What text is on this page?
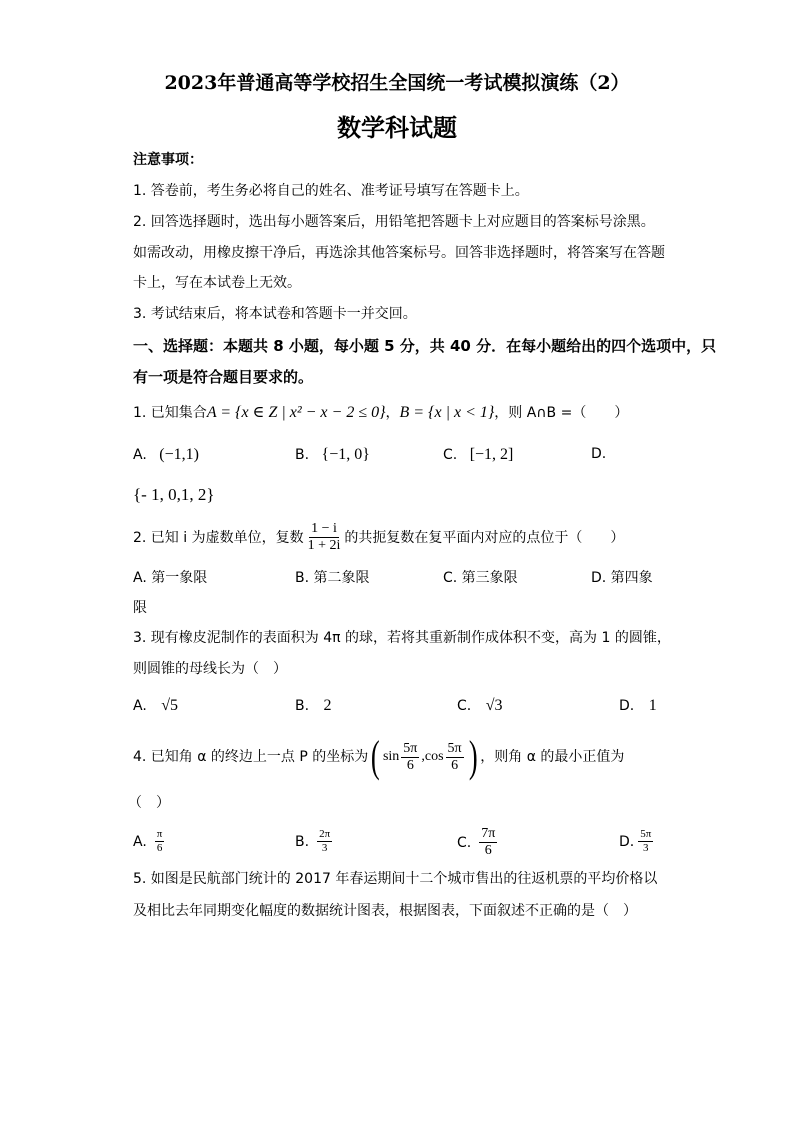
2023年普通高等学校招生全国统一考试模拟演练（2）
数学科试题
注意事项：
1. 答卷前，考生务必将自己的姓名、准考证号填写在答题卡上。
2. 回答选择题时，选出每小题答案后，用铅笔把答题卡上对应题目的答案标号涂黑。
如需改动，用橡皮擦干净后，再选涂其他答案标号。回答非选择题时，将答案写在答题
卡上，写在本试卷上无效。
3. 考试结束后，将本试卷和答题卡一并交回。
一、选择题：本题共 8 小题，每小题 5 分，共 40 分．在每小题给出的四个选项中，只
有一项是符合题目要求的。
1. 已知集合A = {x ∈ Z | x² − x − 2 ≤ 0}，B = {x | x < 1}，则 A∩B =（　　）
A. (−1,1)	B. {−1, 0}	C. [−1, 2]	D.
{- 1, 0,1, 2}
2. 已知 i 为虚数单位，复数 $\frac{1 - i}{1 + 2i}$ 的共扼复数在复平面内对应的点位于（　　）
A. 第一象限	B. 第二象限	C. 第三象限	D. 第四象
限
3. 现有橡皮泥制作的表面积为 4π 的球，若将其重新制作成体积不变，高为 1 的圆锥，
则圆锥的母线长为（　）
A. √5	B. 2	C. √3	D. 1
4. 已知角 α 的终边上一点 P 的坐标为 ( $\sin \frac{5\pi}{6}$ , $\cos \frac{5\pi}{6}$ ) ，则角 α 的最小正值为
（　）
A. $\frac{\pi}{6}$	B. $\frac{2\pi}{3}$	C. $\frac{7\pi}{6}$	D. $\frac{5\pi}{3}$
5. 如图是民航部门统计的 2017 年春运期间十二个城市售出的往返机票的平均价格以
及相比去年同期变化幅度的数据统计图表，根据图表，下面叙述不正确的是（　）
